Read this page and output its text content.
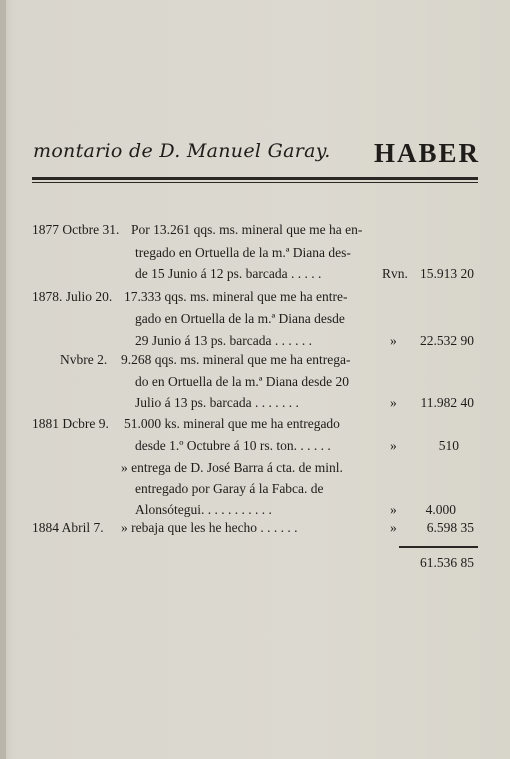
montario de D. Manuel Garay. HABER
1877 Octbre 31. Por 13.261 qqs. ms. mineral que me ha en-
tregado en Ortuella de la m.ª Diana des-
de 15 Junio á 12 ps. barcada . . . . .	Rvn. 15.913 20
1878. Julio 20. 17.333 qqs. ms. mineral que me ha entre-
gado en Ortuella de la m.ª Diana desde
29 Junio á 13 ps. barcada . . . . . .	»	22.532 90
Nvbre 2. 9.268 qqs. ms. mineral que me ha entrega-
do en Ortuella de la m.ª Diana desde 20
Julio á 13 ps. barcada . . . . . . .	»	11.982 40
1881 Dcbre 9. 51.000 ks. mineral que me ha entregado
desde 1.º Octubre á 10 rs. ton. . . . . .	»	510
» entrega de D. José Barra á cta. de minl.
entregado por Garay á la Fabca. de
Alonsótegui. . . . . . . . . . .	»	4.000
1884 Abril 7. » rebaja que les he hecho . . . . . .	»	6.598 35
61.536 85
